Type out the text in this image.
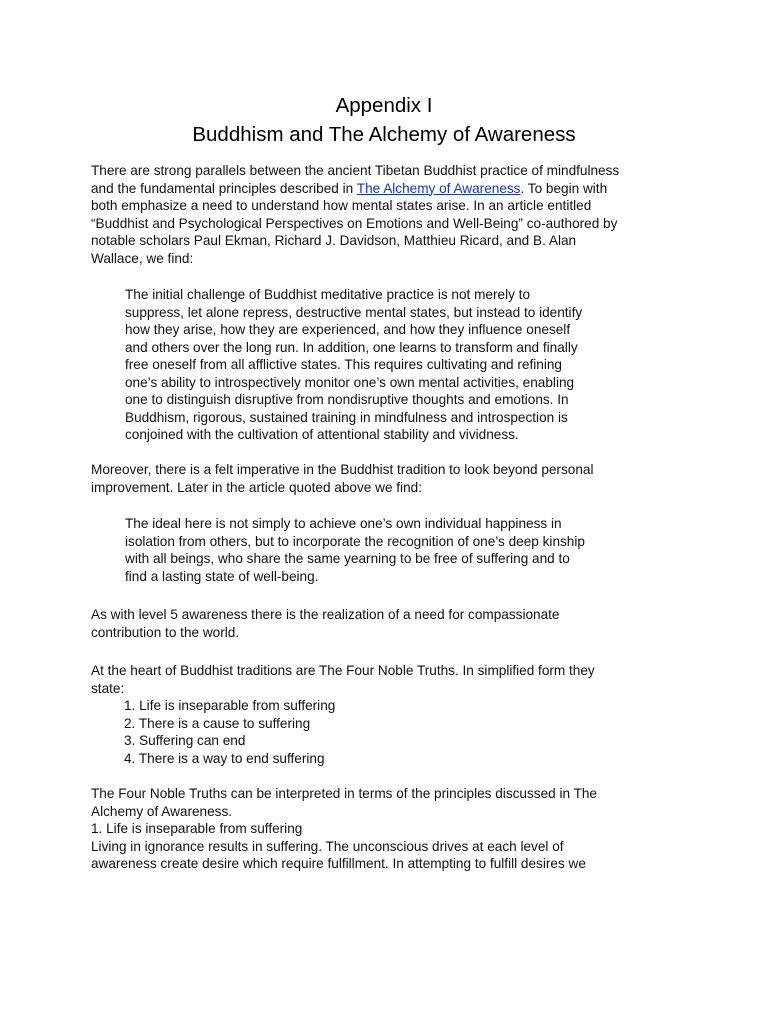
Appendix I
Buddhism and The Alchemy of Awareness

There are strong parallels between the ancient Tibetan Buddhist practice of mindfulness
and the fundamental principles described in The Alchemy of Awareness. To begin with
both emphasize a need to understand how mental states arise. In an article entitled
“Buddhist and Psychological Perspectives on Emotions and Well-Being” co-authored by
notable scholars Paul Ekman, Richard J. Davidson, Matthieu Ricard, and B. Alan
Wallace, we find:

The initial challenge of Buddhist meditative practice is not merely to
suppress, let alone repress, destructive mental states, but instead to identify
how they arise, how they are experienced, and how they influence oneself
and others over the long run. In addition, one learns to transform and finally
free oneself from all afflictive states. This requires cultivating and refining
one’s ability to introspectively monitor one’s own mental activities, enabling
one to distinguish disruptive from nondisruptive thoughts and emotions. In
Buddhism, rigorous, sustained training in mindfulness and introspection is
conjoined with the cultivation of attentional stability and vividness.

Moreover, there is a felt imperative in the Buddhist tradition to look beyond personal
improvement. Later in the article quoted above we find:

The ideal here is not simply to achieve one’s own individual happiness in
isolation from others, but to incorporate the recognition of one’s deep kinship
with all beings, who share the same yearning to be free of suffering and to
find a lasting state of well-being.

As with level 5 awareness there is the realization of a need for compassionate
contribution to the world.

At the heart of Buddhist traditions are The Four Noble Truths. In simplified form they
state:

1. Life is inseparable from suffering
2. There is a cause to suffering
3. Suffering can end
4. There is a way to end suffering

The Four Noble Truths can be interpreted in terms of the principles discussed in The
Alchemy of Awareness.
1. Life is inseparable from suffering
Living in ignorance results in suffering. The unconscious drives at each level of
awareness create desire which require fulfillment. In attempting to fulfill desires we
